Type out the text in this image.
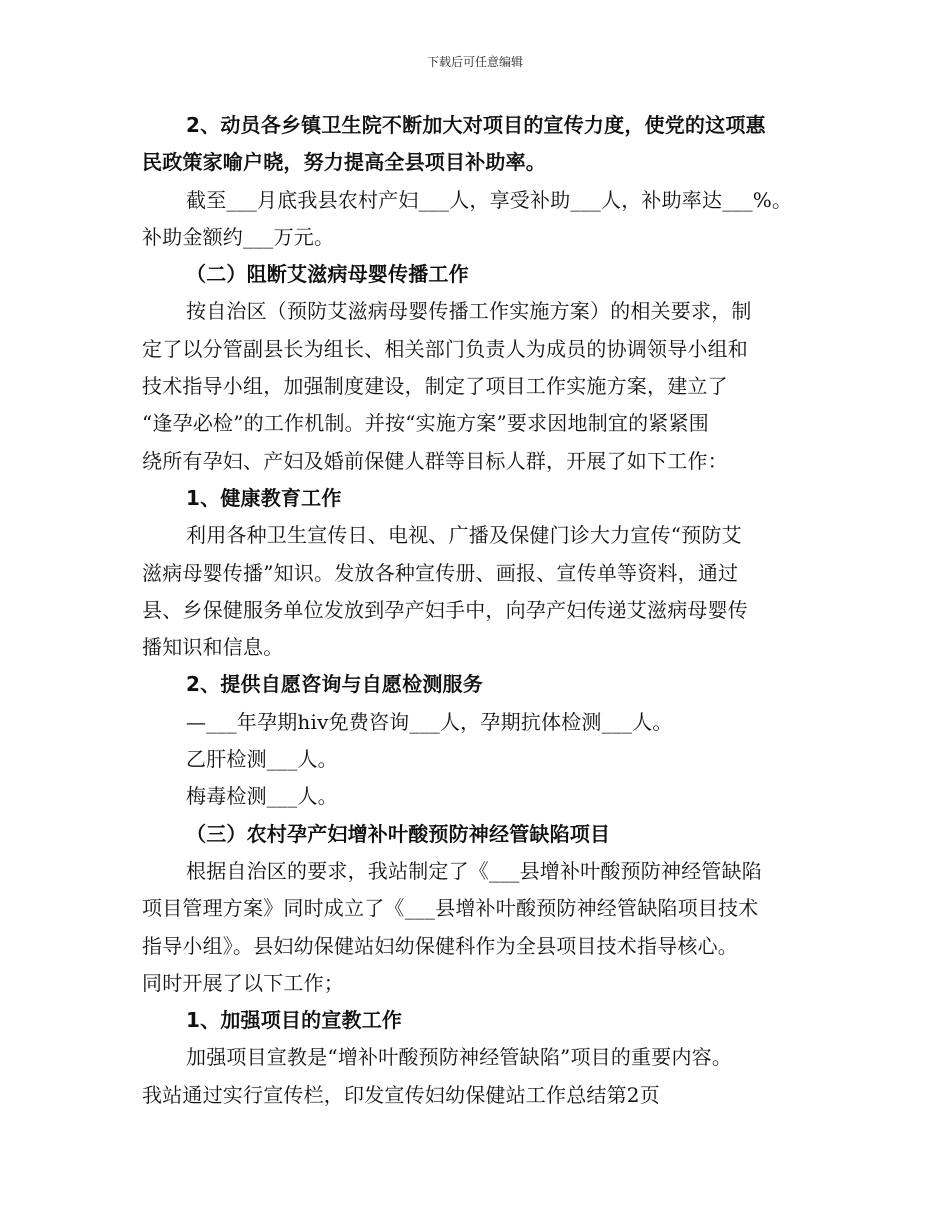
下载后可任意编辑
2、动员各乡镇卫生院不断加大对项目的宣传力度，使党的这项惠
民政策家喻户晓，努力提高全县项目补助率。
截至___月底我县农村产妇___人，享受补助___人，补助率达___%。
补助金额约___万元。
（二）阻断艾滋病母婴传播工作
按自治区（预防艾滋病母婴传播工作实施方案）的相关要求，制
定了以分管副县长为组长、相关部门负责人为成员的协调领导小组和
技术指导小组，加强制度建设，制定了项目工作实施方案，建立了
“逢孕必检”的工作机制。并按“实施方案”要求因地制宜的紧紧围
绕所有孕妇、产妇及婚前保健人群等目标人群，开展了如下工作：
1、健康教育工作
利用各种卫生宣传日、电视、广播及保健门诊大力宣传“预防艾
滋病母婴传播”知识。发放各种宣传册、画报、宣传单等资料，通过
县、乡保健服务单位发放到孕产妇手中，向孕产妇传递艾滋病母婴传
播知识和信息。
2、提供自愿咨询与自愿检测服务
—___年孕期hiv免费咨询___人，孕期抗体检测___人。
乙肝检测___人。
梅毒检测___人。
（三）农村孕产妇增补叶酸预防神经管缺陷项目
根据自治区的要求，我站制定了《___县增补叶酸预防神经管缺陷
项目管理方案》同时成立了《___县增补叶酸预防神经管缺陷项目技术
指导小组》。县妇幼保健站妇幼保健科作为全县项目技术指导核心。
同时开展了以下工作；
1、加强项目的宣教工作
加强项目宣教是“增补叶酸预防神经管缺陷”项目的重要内容。
我站通过实行宣传栏，印发宣传妇幼保健站工作总结第2页
